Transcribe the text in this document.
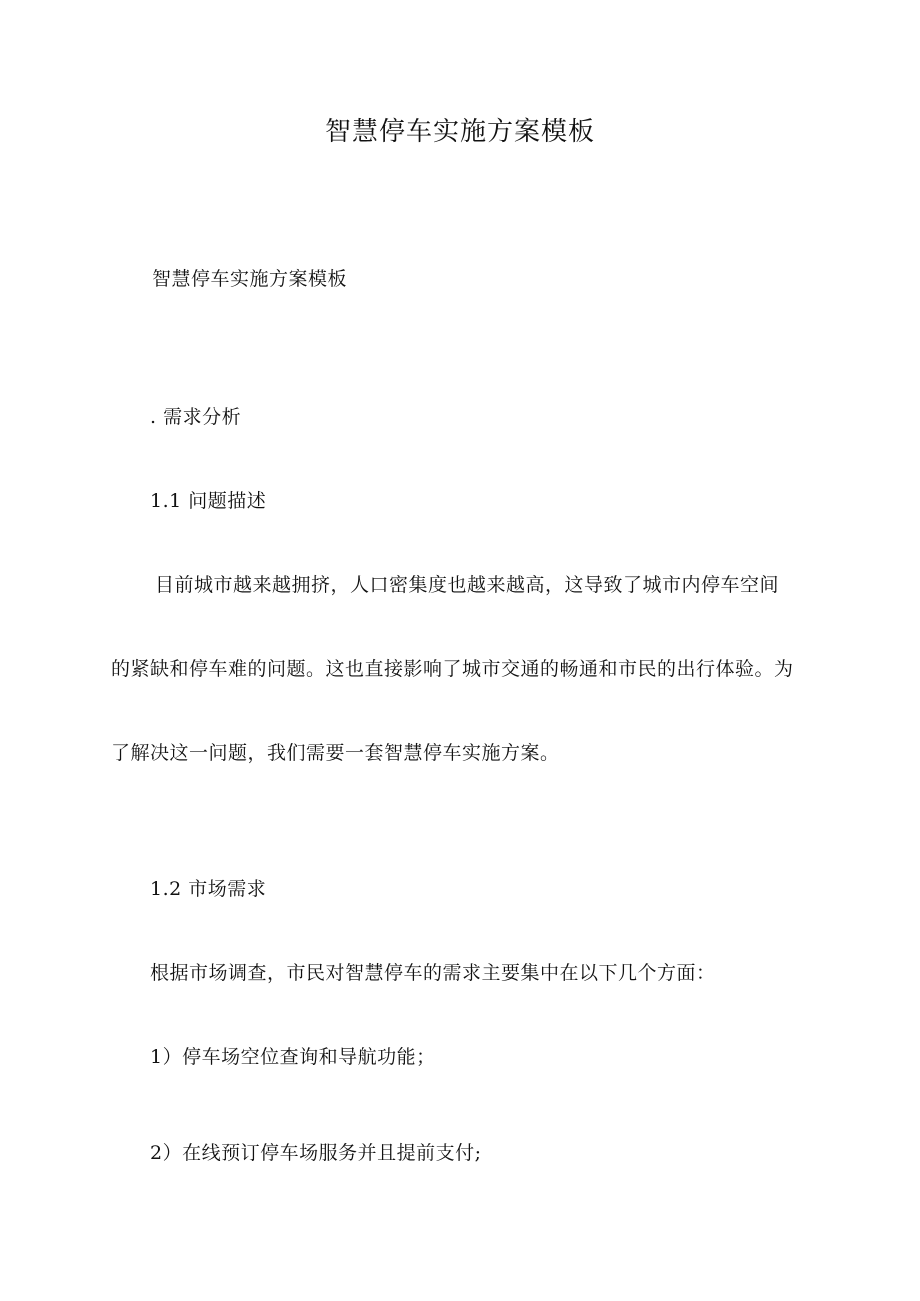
智慧停车实施方案模板
智慧停车实施方案模板
. 需求分析
1.1 问题描述
目前城市越来越拥挤，人口密集度也越来越高，这导致了城市内停车空间
的紧缺和停车难的问题。这也直接影响了城市交通的畅通和市民的出行体验。为
了解决这一问题，我们需要一套智慧停车实施方案。
1.2 市场需求
根据市场调查，市民对智慧停车的需求主要集中在以下几个方面：
1）停车场空位查询和导航功能；
2）在线预订停车场服务并且提前支付;
